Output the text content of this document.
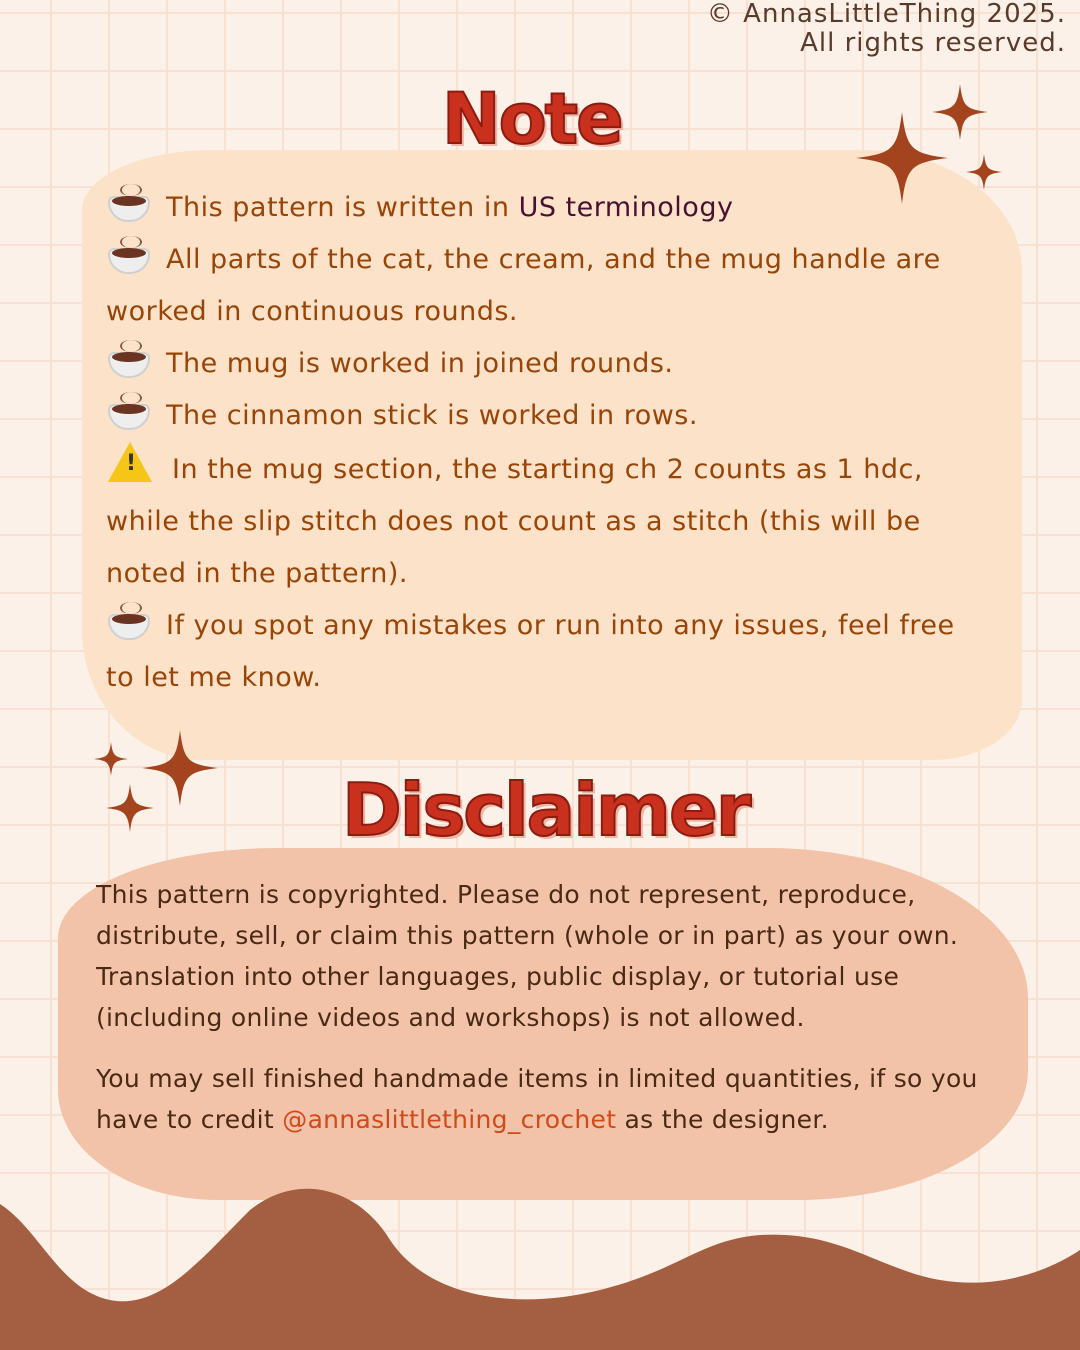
© AnnasLittleThing 2025.
All rights reserved.
Note
This pattern is written in US terminology
All parts of the cat, the cream, and the mug handle are worked in continuous rounds.
The mug is worked in joined rounds.
The cinnamon stick is worked in rows.
! In the mug section, the starting ch 2 counts as 1 hdc, while the slip stitch does not count as a stitch (this will be noted in the pattern).
If you spot any mistakes or run into any issues, feel free to let me know.
Disclaimer

This pattern is copyrighted. Please do not represent, reproduce, distribute, sell, or claim this pattern (whole or in part) as your own. Translation into other languages, public display, or tutorial use (including online videos and workshops) is not allowed.

You may sell finished handmade items in limited quantities, if so you have to credit @annaslittlething_crochet as the designer.
